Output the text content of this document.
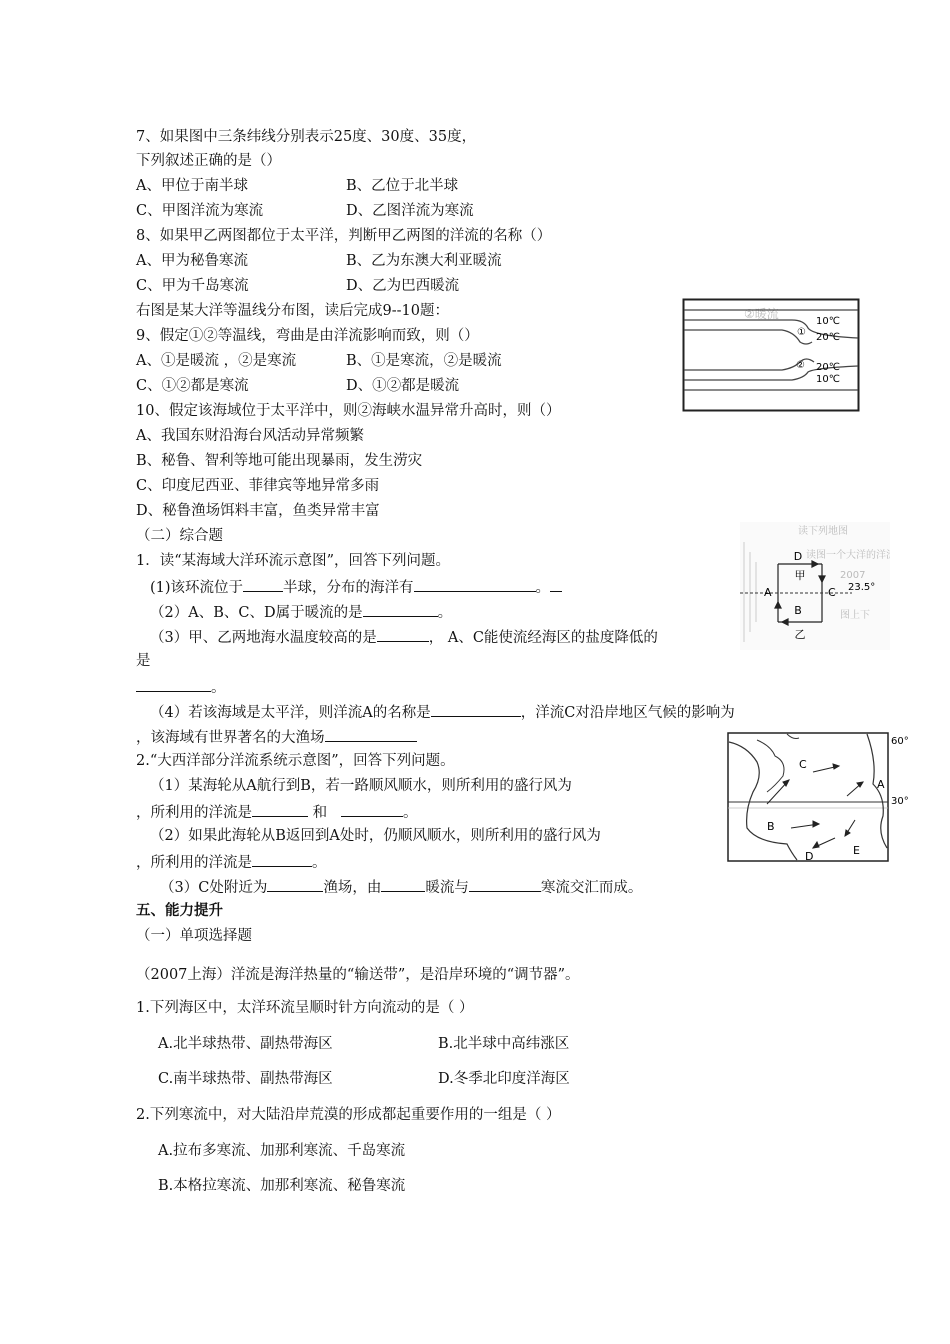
7、如果图中三条纬线分别表示25度、30度、35度，
下列叙述正确的是（）
A、甲位于南半球	B、乙位于北半球
C、甲图洋流为寒流	D、乙图洋流为寒流
8、如果甲乙两图都位于太平洋，判断甲乙两图的洋流的名称（）
A、甲为秘鲁寒流	B、乙为东澳大利亚暖流
C、甲为千岛寒流	D、乙为巴西暖流
右图是某大洋等温线分布图，读后完成9--10题：
9、假定①②等温线，弯曲是由洋流影响而致，则（）
A、①是暖流 ，②是寒流	B、①是寒流，②是暖流
C、①②都是寒流	D、①②都是暖流
10、假定该海域位于太平洋中，则②海峡水温异常升高时，则（）
A、我国东财沿海台风活动异常频繁
B、秘鲁、智利等地可能出现暴雨，发生涝灾
C、印度尼西亚、菲律宾等地异常多雨
D、秘鲁渔场饵料丰富，鱼类异常丰富
②暖流
10℃
① 20℃
② 20℃
10℃
（二）综合题
1．读“某海域大洋环流示意图”，回答下列问题。
(1)该环流位于	半球，分布的海洋有	。
（2）A、B、C、D属于暖流的是	。
（3）甲、乙两地海水温度较高的是	， A、C能使流经海区的盐度降低的
是
。
（4）若该海域是太平洋，则洋流A的名称是	，洋流C对沿岸地区气候的影响为
，该海域有世界著名的大渔场
读下列地图
读图一个大洋的洋流
2007
图上下
D
甲
A	C 23.5°
B
乙
2.“大西洋部分洋流系统示意图”，回答下列问题。
（1）某海轮从A航行到B，若一路顺风顺水，则所利用的盛行风为
，所利用的洋流是	和	。
（2）如果此海轮从B返回到A处时，仍顺风顺水，则所利用的盛行风为
，所利用的洋流是	。
（3）C处附近为	渔场，由	暖流与	寒流交汇而成。
60°
C
A
30°
B
D	E
五、能力提升
（一）单项选择题
（2007上海）洋流是海洋热量的“输送带”，是沿岸环境的“调节器”。
1.下列海区中，太洋环流呈顺时针方向流动的是（ ）
A.北半球热带、副热带海区	B.北半球中高纬涨区
C.南半球热带、副热带海区	D.冬季北印度洋海区
2.下列寒流中，对大陆沿岸荒漠的形成都起重要作用的一组是（ ）
A.拉布多寒流、加那利寒流、千岛寒流
B.本格拉寒流、加那利寒流、秘鲁寒流
